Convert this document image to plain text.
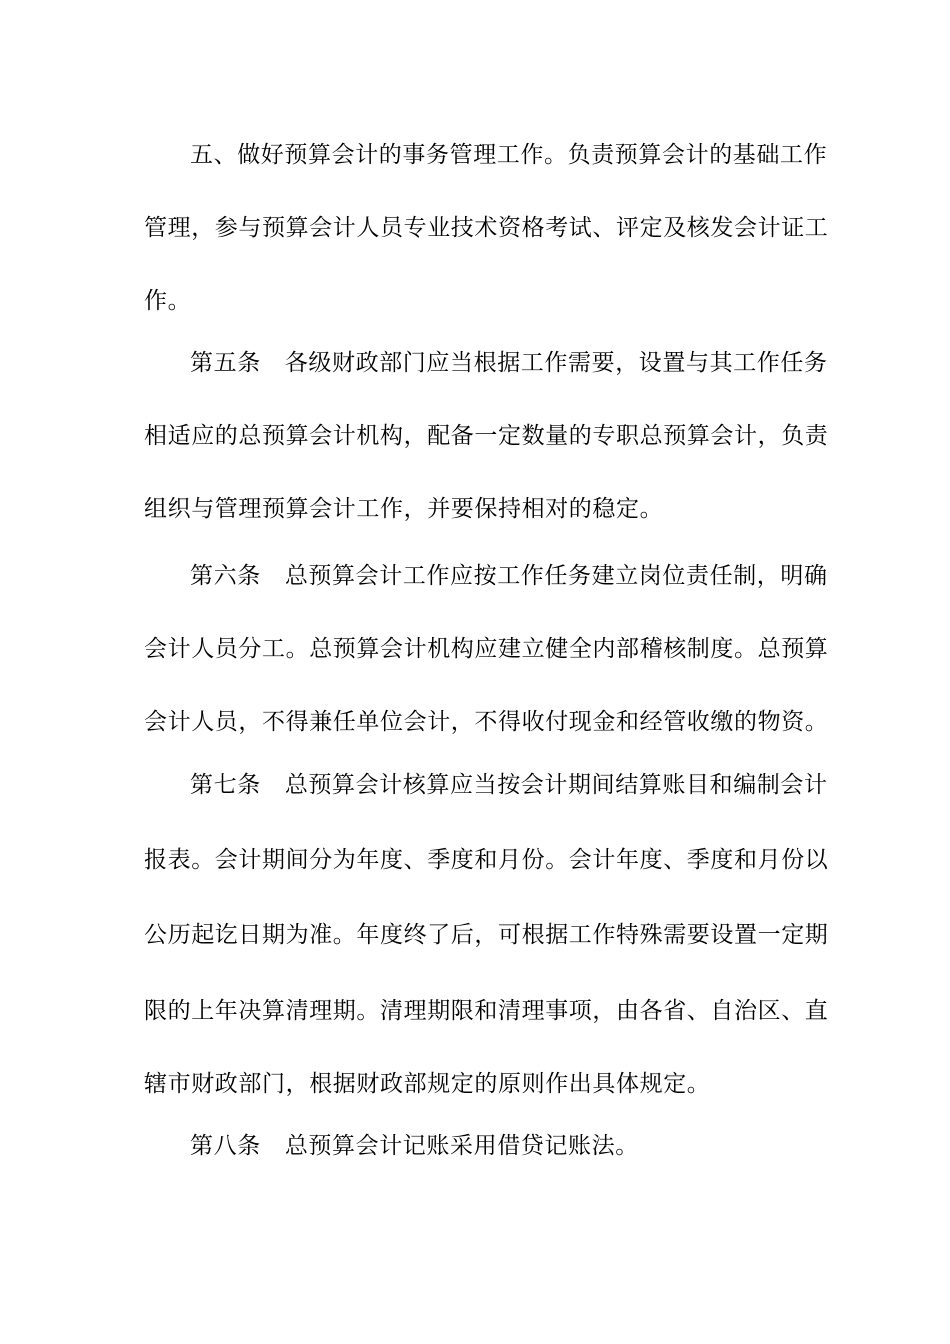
五、做好预算会计的事务管理工作。负责预算会计的基础工作
管理，参与预算会计人员专业技术资格考试、评定及核发会计证工
作。
第五条 各级财政部门应当根据工作需要，设置与其工作任务
相适应的总预算会计机构，配备一定数量的专职总预算会计，负责
组织与管理预算会计工作，并要保持相对的稳定。
第六条 总预算会计工作应按工作任务建立岗位责任制，明确
会计人员分工。总预算会计机构应建立健全内部稽核制度。总预算
会计人员，不得兼任单位会计，不得收付现金和经管收缴的物资。
第七条 总预算会计核算应当按会计期间结算账目和编制会计
报表。会计期间分为年度、季度和月份。会计年度、季度和月份以
公历起讫日期为准。年度终了后，可根据工作特殊需要设置一定期
限的上年决算清理期。清理期限和清理事项，由各省、自治区、直
辖市财政部门，根据财政部规定的原则作出具体规定。
第八条 总预算会计记账采用借贷记账法。
